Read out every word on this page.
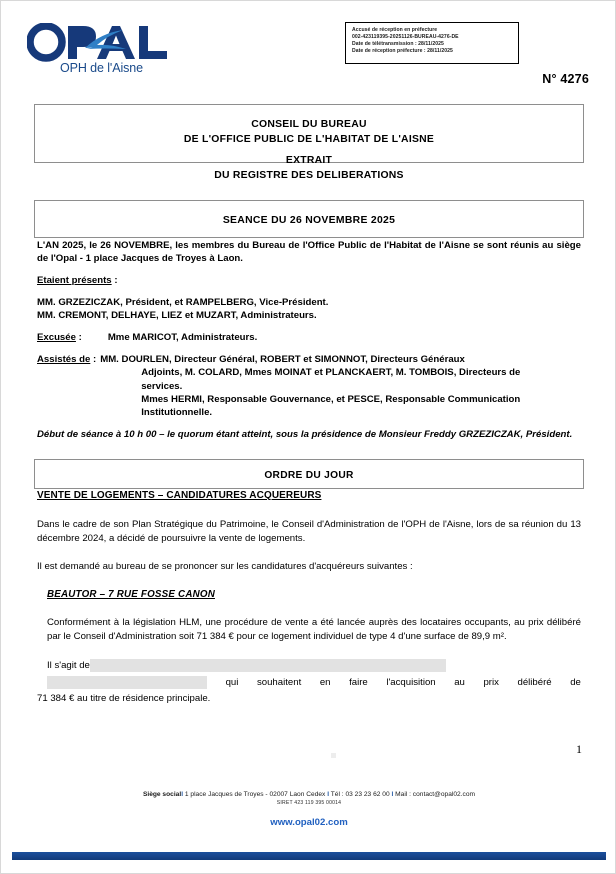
OPH de l'Aisne
Accusé de réception en préfecture
002-423119395-20251126-BUREAU-4276-DE
Date de télétransmission : 28/11/2025
Date de réception préfecture : 28/11/2025
N° 4276
CONSEIL DU BUREAU
DE L'OFFICE PUBLIC DE L'HABITAT DE L'AISNE
EXTRAIT
DU REGISTRE DES DELIBERATIONS
SEANCE DU 26 NOVEMBRE 2025

L'AN 2025, le 26 NOVEMBRE, les membres du Bureau de l'Office Public de l'Habitat de l'Aisne se sont réunis au siège de l'Opal - 1 place Jacques de Troyes à Laon.

Etaient présents :
MM. GRZEZICZAK, Président, et RAMPELBERG, Vice-Président.
MM. CREMONT, DELHAYE, LIEZ et MUZART, Administrateurs.
Excusée :	Mme MARICOT, Administrateurs.
Assistés de : MM. DOURLEN, Directeur Général, ROBERT et SIMONNOT, Directeurs Généraux
Adjoints, M. COLARD, Mmes MOINAT et PLANCKAERT, M. TOMBOIS, Directeurs de
services.
Mmes HERMI, Responsable Gouvernance, et PESCE, Responsable Communication
Institutionnelle.

Début de séance à 10 h 00 – le quorum étant atteint, sous la présidence de Monsieur Freddy GRZEZICZAK, Président.

ORDRE DU JOUR

VENTE DE LOGEMENTS – CANDIDATURES ACQUEREURS

Dans le cadre de son Plan Stratégique du Patrimoine, le Conseil d'Administration de l'OPH de l'Aisne, lors de sa réunion du 13 décembre 2024, a décidé de poursuivre la vente de logements.

Il est demandé au bureau de se prononcer sur les candidatures d'acquéreurs suivantes :

BEAUTOR – 7 RUE FOSSE CANON

Conformément à la législation HLM, une procédure de vente a été lancée auprès des locataires occupants, au prix délibéré par le Conseil d'Administration soit 71 384 € pour ce logement individuel de type 4 d'une surface de 89,9 m².

Il s'agit de
qui souhaitent en faire l'acquisition au prix délibéré de
71 384 € au titre de résidence principale.
1
Siège socialI 1 place Jacques de Troyes - 02007 Laon Cedex I Tél : 03 23 23 62 00 I Mail : contact@opal02.com
SIRET 423 119 395 00014
www.opal02.com
